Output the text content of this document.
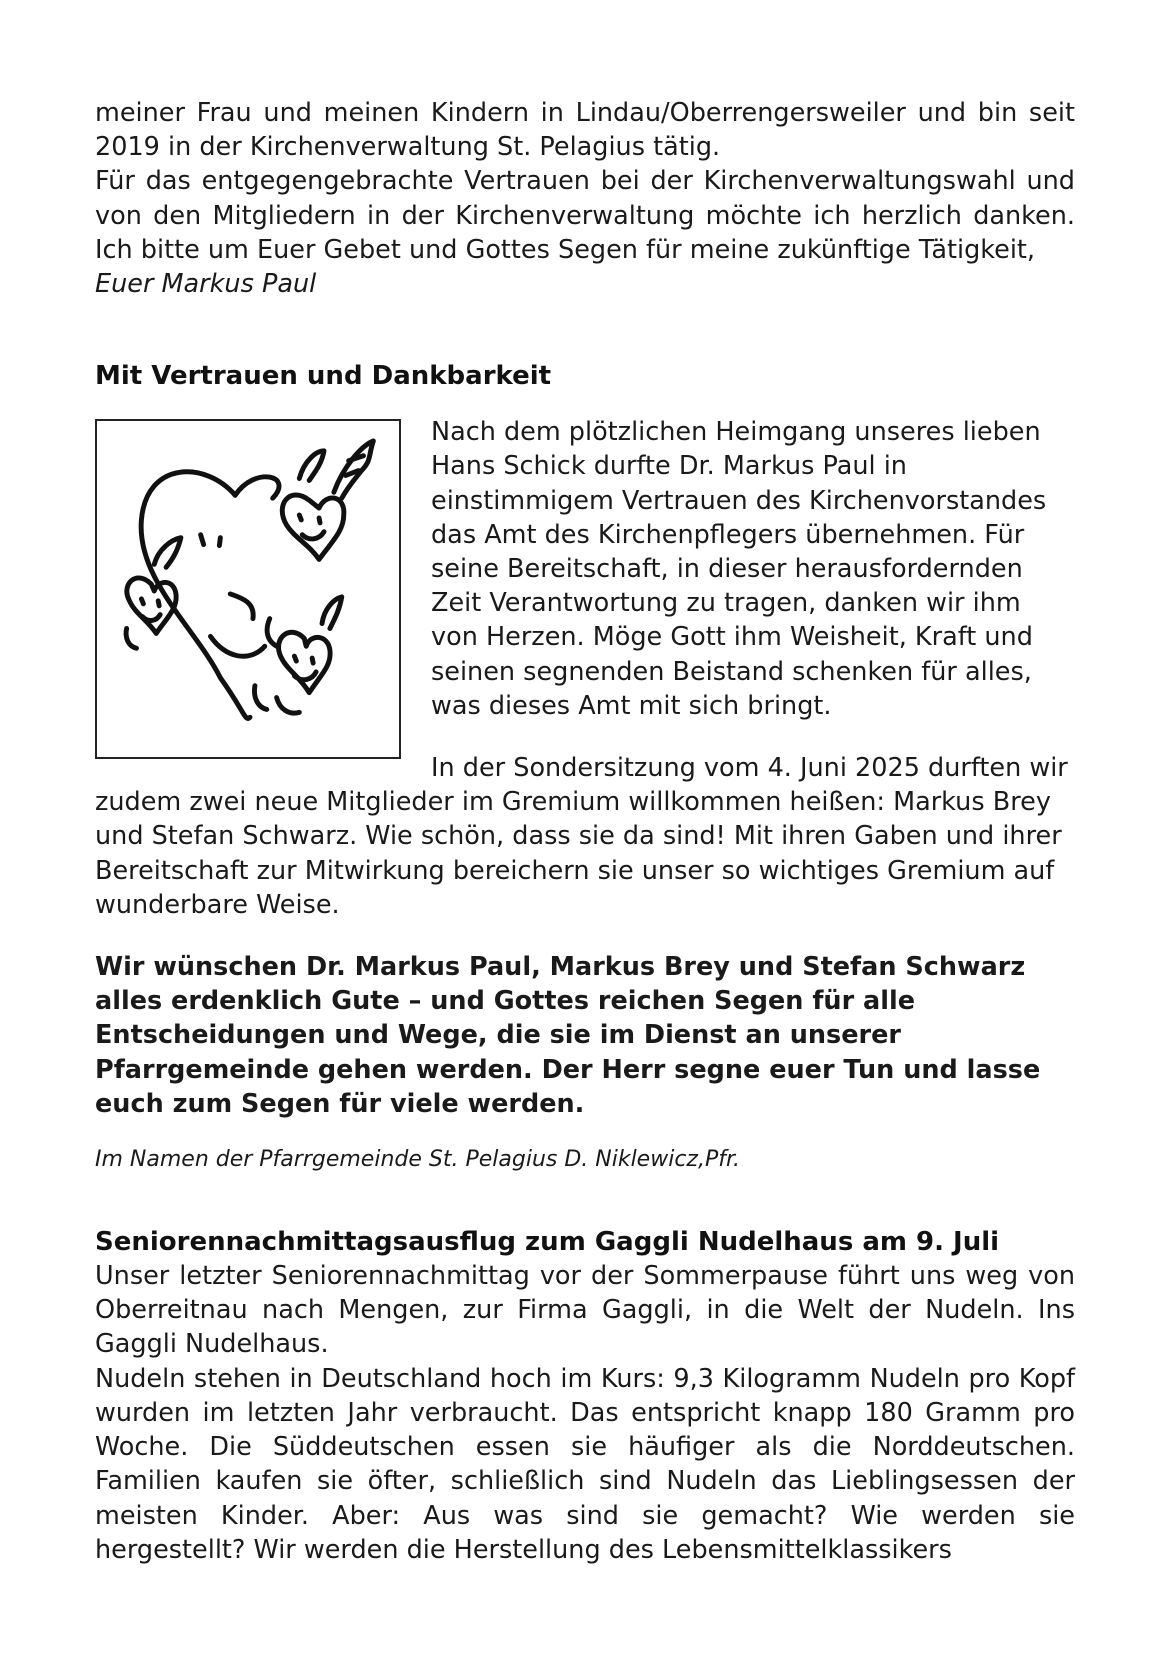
meiner Frau und meinen Kindern in Lindau/Oberrengersweiler und bin seit 2019 in der Kirchenverwaltung St. Pelagius tätig.

Für das entgegengebrachte Vertrauen bei der Kirchenverwaltungswahl und von den Mitgliedern in der Kirchenverwaltung möchte ich herzlich danken. Ich bitte um Euer Gebet und Gottes Segen für meine zukünftige Tätigkeit,

Euer Markus Paul

Mit Vertrauen und Dankbarkeit

Nach dem plötzlichen Heimgang unseres lieben Hans Schick durfte Dr. Markus Paul in einstimmigem Vertrauen des Kirchenvorstandes das Amt des Kirchenpflegers übernehmen. Für seine Bereitschaft, in dieser herausfordernden Zeit Verantwortung zu tragen, danken wir ihm von Herzen. Möge Gott ihm Weisheit, Kraft und seinen segnenden Beistand schenken für alles, was dieses Amt mit sich bringt.

In der Sondersitzung vom 4. Juni 2025 durften wir zudem zwei neue Mitglieder im Gremium willkommen heißen: Markus Brey und Stefan Schwarz. Wie schön, dass sie da sind! Mit ihren Gaben und ihrer Bereitschaft zur Mitwirkung bereichern sie unser so wichtiges Gremium auf wunderbare Weise.

Wir wünschen Dr. Markus Paul, Markus Brey und Stefan Schwarz alles erdenklich Gute – und Gottes reichen Segen für alle Entscheidungen und Wege, die sie im Dienst an unserer Pfarrgemeinde gehen werden. Der Herr segne euer Tun und lasse euch zum Segen für viele werden.

Im Namen der Pfarrgemeinde St. Pelagius D. Niklewicz,Pfr.

Seniorennachmittagsausflug zum Gaggli Nudelhaus am 9. Juli

Unser letzter Seniorennachmittag vor der Sommerpause führt uns weg von Oberreitnau nach Mengen, zur Firma Gaggli, in die Welt der Nudeln. Ins Gaggli Nudelhaus.

Nudeln stehen in Deutschland hoch im Kurs: 9,3 Kilogramm Nudeln pro Kopf wurden im letzten Jahr verbraucht. Das entspricht knapp 180 Gramm pro Woche. Die Süddeutschen essen sie häufiger als die Norddeutschen. Familien kaufen sie öfter, schließlich sind Nudeln das Lieblingsessen der meisten Kinder. Aber: Aus was sind sie gemacht? Wie werden sie hergestellt? Wir werden die Herstellung des Lebensmittelklassikers
